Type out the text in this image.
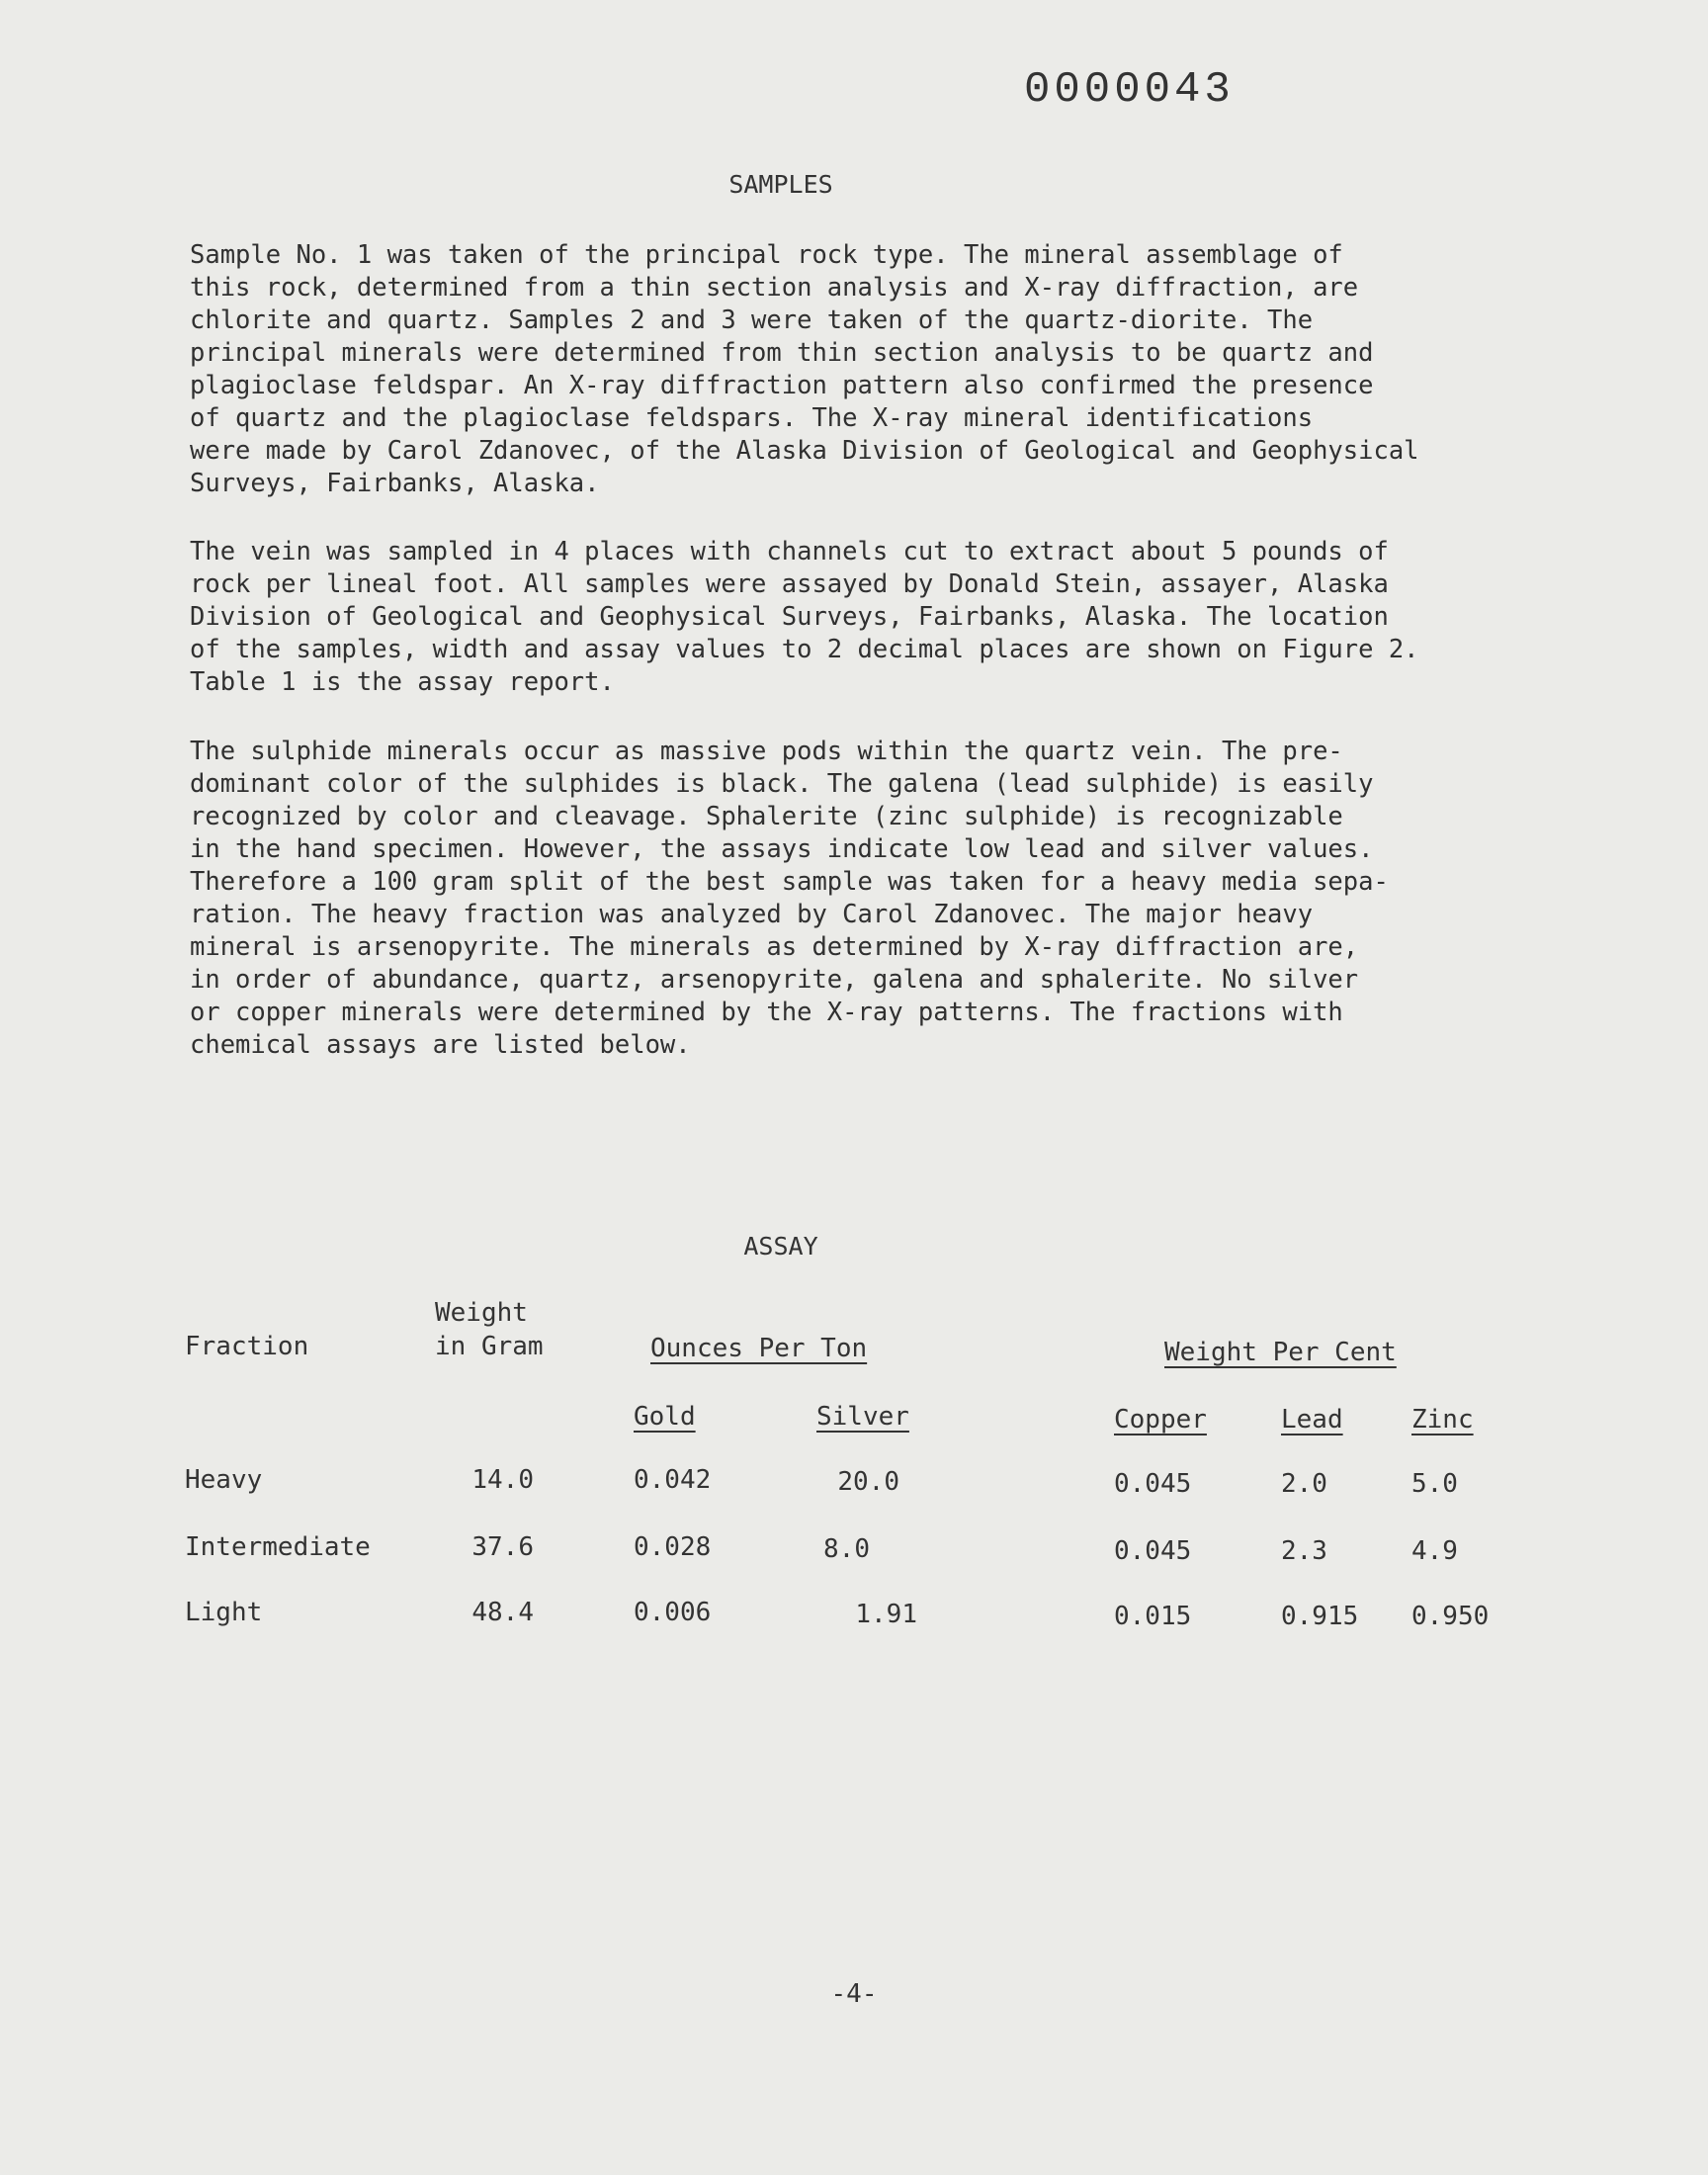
0000043
SAMPLES
Sample No. 1 was taken of the principal rock type. The mineral assemblage of
this rock, determined from a thin section analysis and X-ray diffraction, are
chlorite and quartz. Samples 2 and 3 were taken of the quartz-diorite. The
principal minerals were determined from thin section analysis to be quartz and
plagioclase feldspar. An X-ray diffraction pattern also confirmed the presence
of quartz and the plagioclase feldspars. The X-ray mineral identifications
were made by Carol Zdanovec, of the Alaska Division of Geological and Geophysical
Surveys, Fairbanks, Alaska.
The vein was sampled in 4 places with channels cut to extract about 5 pounds of
rock per lineal foot. All samples were assayed by Donald Stein, assayer, Alaska
Division of Geological and Geophysical Surveys, Fairbanks, Alaska. The location
of the samples, width and assay values to 2 decimal places are shown on Figure 2.
Table 1 is the assay report.
The sulphide minerals occur as massive pods within the quartz vein. The pre-
dominant color of the sulphides is black. The galena (lead sulphide) is easily
recognized by color and cleavage. Sphalerite (zinc sulphide) is recognizable
in the hand specimen. However, the assays indicate low lead and silver values.
Therefore a 100 gram split of the best sample was taken for a heavy media sepa-
ration. The heavy fraction was analyzed by Carol Zdanovec. The major heavy
mineral is arsenopyrite. The minerals as determined by X-ray diffraction are,
in order of abundance, quartz, arsenopyrite, galena and sphalerite. No silver
or copper minerals were determined by the X-ray patterns. The fractions with
chemical assays are listed below.
ASSAY
Fraction
Weight
in Gram	Ounces Per Ton	Weight Per Cent
Gold	Silver	Copper	Lead	Zinc
Heavy	14.0	0.042	20.0	0.045	2.0	5.0
Intermediate	37.6	0.028	8.0	0.045	2.3	4.9
Light	48.4	0.006	1.91	0.015	0.915 0.950
-4-
